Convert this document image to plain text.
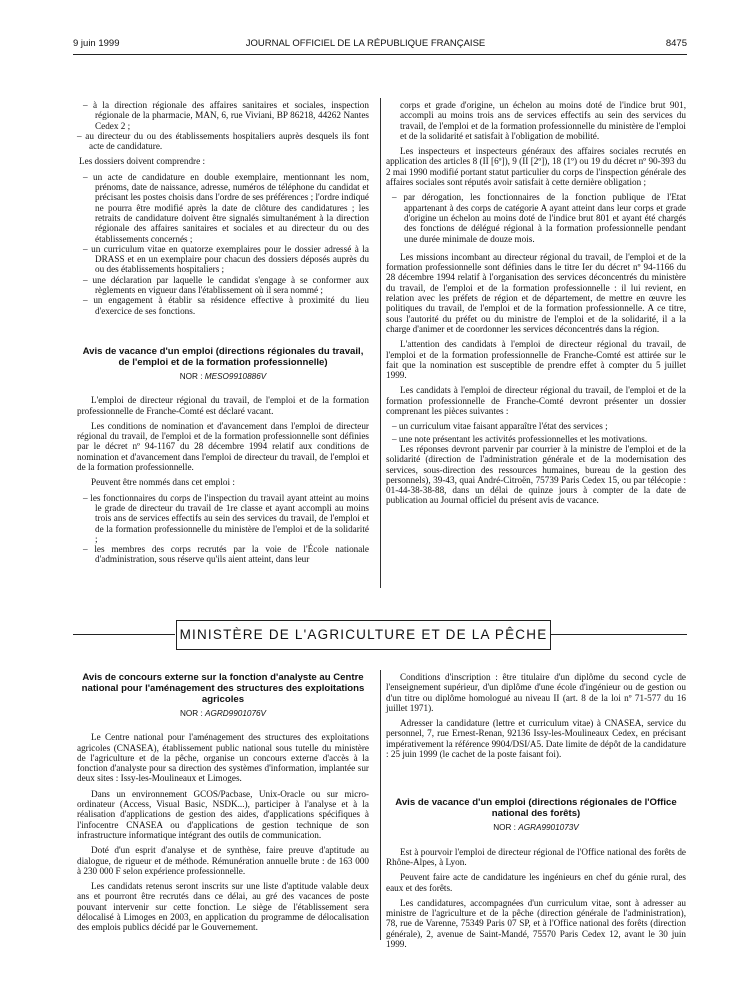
9 juin 1999	JOURNAL OFFICIEL DE LA RÉPUBLIQUE FRANÇAISE	8475

– à la direction régionale des affaires sanitaires et sociales, inspection régionale de la pharmacie, MAN, 6, rue Viviani, BP 86218, 44262 Nantes Cedex 2 ;

– au directeur du ou des établissements hospitaliers auprès desquels ils font acte de candidature.

Les dossiers doivent comprendre :

– un acte de candidature en double exemplaire, mentionnant les nom, prénoms, date de naissance, adresse, numéros de téléphone du candidat et précisant les postes choisis dans l'ordre de ses préférences ; l'ordre indiqué ne pourra être modifié après la date de clôture des candidatures ; les retraits de candidature doivent être signalés simultanément à la direction régionale des affaires sanitaires et sociales et au directeur du ou des établissements concernés ;

– un curriculum vitae en quatorze exemplaires pour le dossier adressé à la DRASS et en un exemplaire pour chacun des dossiers déposés auprès du ou des établissements hospitaliers ;

– une déclaration par laquelle le candidat s'engage à se conformer aux règlements en vigueur dans l'établissement où il sera nommé ;

– un engagement à établir sa résidence effective à proximité du lieu d'exercice de ses fonctions.

Avis de vacance d'un emploi (directions régionales du travail, de l'emploi et de la formation professionnelle)
NOR : MESO9910886V

L'emploi de directeur régional du travail, de l'emploi et de la formation professionnelle de Franche-Comté est déclaré vacant.

Les conditions de nomination et d'avancement dans l'emploi de directeur régional du travail, de l'emploi et de la formation professionnelle sont définies par le décret nº 94-1167 du 28 décembre 1994 relatif aux conditions de nomination et d'avancement dans l'emploi de directeur du travail, de l'emploi et de la formation professionnelle.

Peuvent être nommés dans cet emploi :

– les fonctionnaires du corps de l'inspection du travail ayant atteint au moins le grade de directeur du travail de 1re classe et ayant accompli au moins trois ans de services effectifs au sein des services du travail, de l'emploi et de la formation professionnelle du ministère de l'emploi et de la solidarité ;

– les membres des corps recrutés par la voie de l'École nationale d'administration, sous réserve qu'ils aient atteint, dans leur

corps et grade d'origine, un échelon au moins doté de l'indice brut 901, accompli au moins trois ans de services effectifs au sein des services du travail, de l'emploi et de la formation professionnelle du ministère de l'emploi et de la solidarité et satisfait à l'obligation de mobilité.

Les inspecteurs et inspecteurs généraux des affaires sociales recrutés en application des articles 8 (II [6º]), 9 (II [2º]), 18 (1º) ou 19 du décret nº 90-393 du 2 mai 1990 modifié portant statut particulier du corps de l'inspection générale des affaires sociales sont réputés avoir satisfait à cette dernière obligation ;

– par dérogation, les fonctionnaires de la fonction publique de l'Etat appartenant à des corps de catégorie A ayant atteint dans leur corps et grade d'origine un échelon au moins doté de l'indice brut 801 et ayant été chargés des fonctions de délégué régional à la formation professionnelle pendant une durée minimale de douze mois.

Les missions incombant au directeur régional du travail, de l'emploi et de la formation professionnelle sont définies dans le titre Ier du décret nº 94-1166 du 28 décembre 1994 relatif à l'organisation des services déconcentrés du ministère du travail, de l'emploi et de la formation professionnelle : il lui revient, en relation avec les préfets de région et de département, de mettre en œuvre les politiques du travail, de l'emploi et de la formation professionnelle. A ce titre, sous l'autorité du préfet ou du ministre de l'emploi et de la solidarité, il a la charge d'animer et de coordonner les services déconcentrés dans la région.

L'attention des candidats à l'emploi de directeur régional du travail, de l'emploi et de la formation professionnelle de Franche-Comté est attirée sur le fait que la nomination est susceptible de prendre effet à compter du 5 juillet 1999.

Les candidats à l'emploi de directeur régional du travail, de l'emploi et de la formation professionnelle de Franche-Comté devront présenter un dossier comprenant les pièces suivantes :

– un curriculum vitae faisant apparaître l'état des services ;

– une note présentant les activités professionnelles et les motivations.

Les réponses devront parvenir par courrier à la ministre de l'emploi et de la solidarité (direction de l'administration générale et de la modernisation des services, sous-direction des ressources humaines, bureau de la gestion des personnels), 39-43, quai André-Citroën, 75739 Paris Cedex 15, ou par télécopie : 01-44-38-38-88, dans un délai de quinze jours à compter de la date de publication au Journal officiel du présent avis de vacance.

MINISTÈRE DE L'AGRICULTURE ET DE LA PÊCHE
Avis de concours externe sur la fonction d'analyste au Centre national pour l'aménagement des structures des exploitations agricoles
NOR : AGRD9901076V

Le Centre national pour l'aménagement des structures des exploitations agricoles (CNASEA), établissement public national sous tutelle du ministère de l'agriculture et de la pêche, organise un concours externe d'accès à la fonction d'analyste pour sa direction des systèmes d'information, implantée sur deux sites : Issy-les-Moulineaux et Limoges.

Dans un environnement GCOS/Pacbase, Unix-Oracle ou sur micro-ordinateur (Access, Visual Basic, NSDK...), participer à l'analyse et à la réalisation d'applications de gestion des aides, d'applications spécifiques à l'infocentre CNASEA ou d'applications de gestion technique de son infrastructure informatique intégrant des outils de communication.

Doté d'un esprit d'analyse et de synthèse, faire preuve d'aptitude au dialogue, de rigueur et de méthode. Rémunération annuelle brute : de 163 000 à 230 000 F selon expérience professionnelle.

Les candidats retenus seront inscrits sur une liste d'aptitude valable deux ans et pourront être recrutés dans ce délai, au gré des vacances de poste pouvant intervenir sur cette fonction. Le siège de l'établissement sera délocalisé à Limoges en 2003, en application du programme de délocalisation des emplois publics décidé par le Gouvernement.

Conditions d'inscription : être titulaire d'un diplôme du second cycle de l'enseignement supérieur, d'un diplôme d'une école d'ingénieur ou de gestion ou d'un titre ou diplôme homologué au niveau II (art. 8 de la loi nº 71-577 du 16 juillet 1971).

Adresser la candidature (lettre et curriculum vitae) à CNASEA, service du personnel, 7, rue Ernest-Renan, 92136 Issy-les-Moulineaux Cedex, en précisant impérativement la référence 9904/DSI/A5. Date limite de dépôt de la candidature : 25 juin 1999 (le cachet de la poste faisant foi).

Avis de vacance d'un emploi (directions régionales de l'Office national des forêts)
NOR : AGRA9901073V

Est à pourvoir l'emploi de directeur régional de l'Office national des forêts de Rhône-Alpes, à Lyon.

Peuvent faire acte de candidature les ingénieurs en chef du génie rural, des eaux et des forêts.

Les candidatures, accompagnées d'un curriculum vitae, sont à adresser au ministre de l'agriculture et de la pêche (direction générale de l'administration), 78, rue de Varenne, 75349 Paris 07 SP, et à l'Office national des forêts (direction générale), 2, avenue de Saint-Mandé, 75570 Paris Cedex 12, avant le 30 juin 1999.
